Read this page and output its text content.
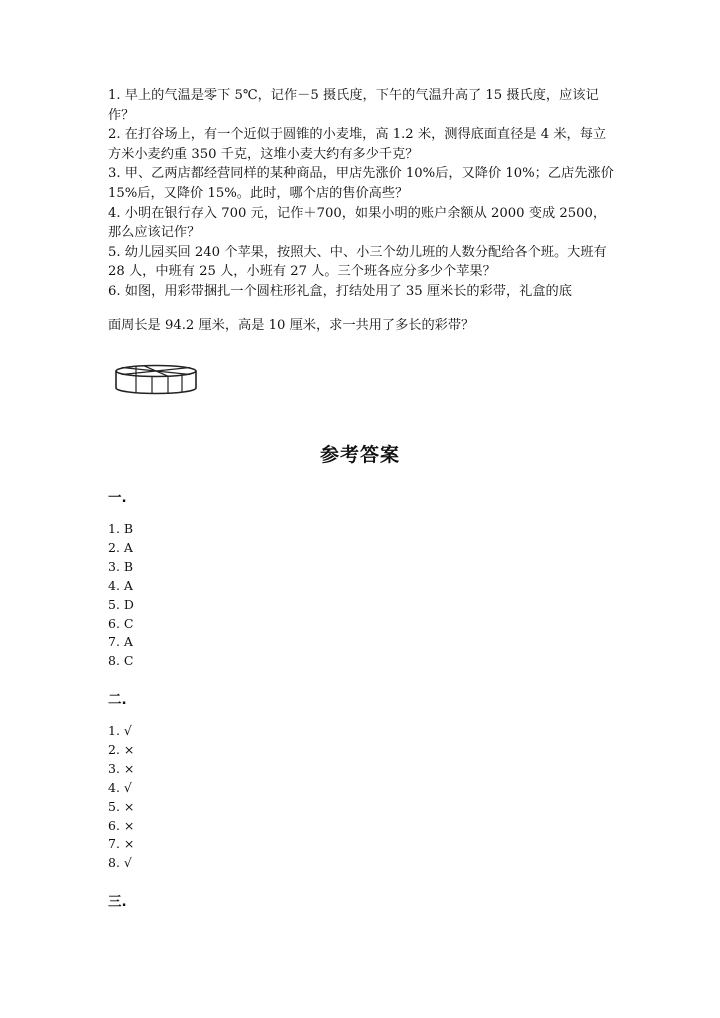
1. 早上的气温是零下 5℃，记作－5 摄氏度，下午的气温升高了 15 摄氏度，应该记作？

2. 在打谷场上，有一个近似于圆锥的小麦堆，高 1.2 米，测得底面直径是 4 米，每立方米小麦约重 350 千克，这堆小麦大约有多少千克？

3. 甲、乙两店都经营同样的某种商品，甲店先涨价 10%后，又降价 10%；乙店先涨价 15%后，又降价 15%。此时，哪个店的售价高些？

4. 小明在银行存入 700 元，记作＋700，如果小明的账户余额从 2000 变成 2500，那么应该记作？

5. 幼儿园买回 240 个苹果，按照大、中、小三个幼儿班的人数分配给各个班。大班有 28 人，中班有 25 人，小班有 27 人。三个班各应分多少个苹果？

6. 如图，用彩带捆扎一个圆柱形礼盒，打结处用了 35 厘米长的彩带，礼盒的底

面周长是 94.2 厘米，高是 10 厘米，求一共用了多长的彩带？

参考答案
一.
1. B
2. A
3. B
4. A
5. D
6. C
7. A
8. C
二.
1. √
2. ×
3. ×
4. √
5. ×
6. ×
7. ×
8. √
三.
